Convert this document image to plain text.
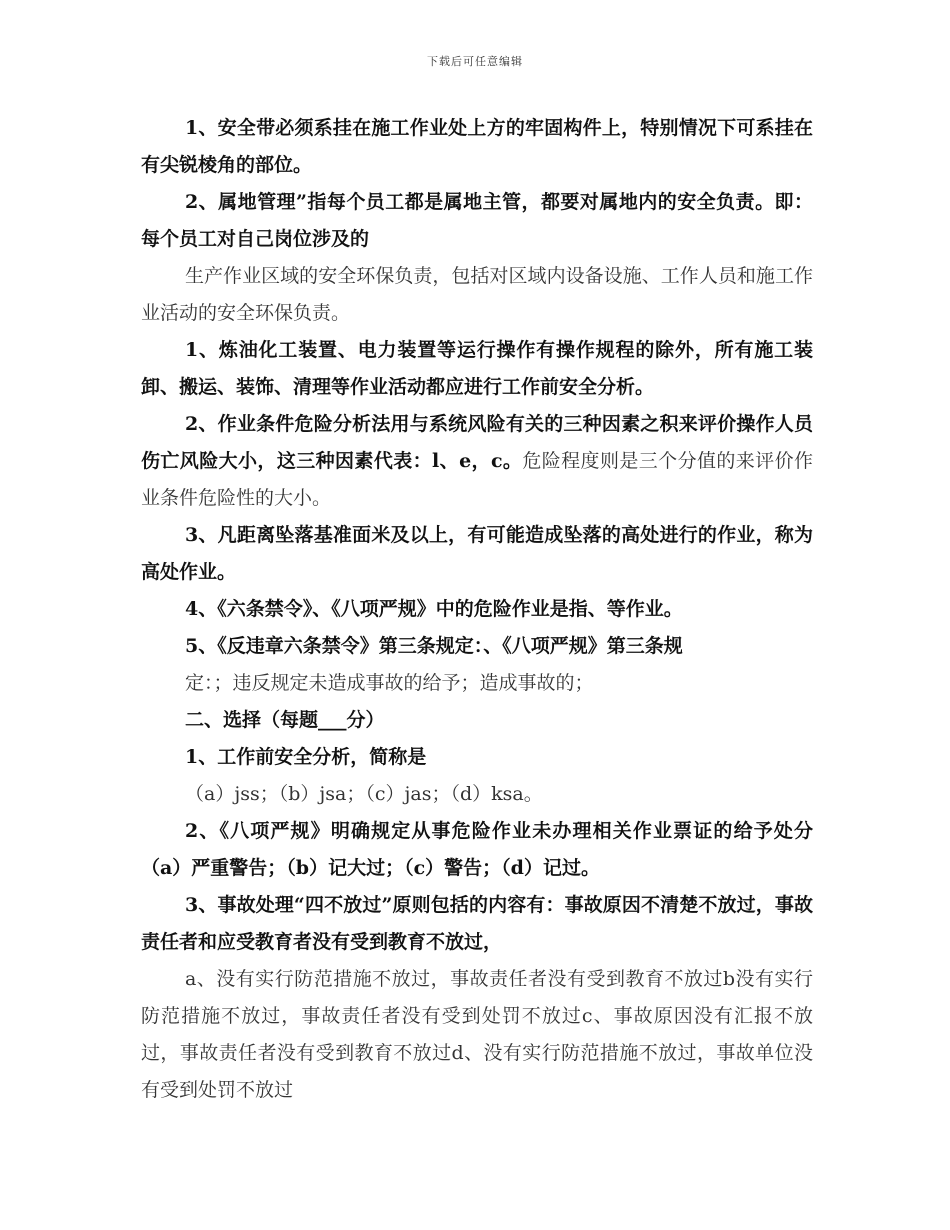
下载后可任意编辑

1、安全带必须系挂在施工作业处上方的牢固构件上，特别情况下可系挂在有尖锐棱角的部位。

2、属地管理”指每个员工都是属地主管，都要对属地内的安全负责。即：每个员工对自己岗位涉及的

生产作业区域的安全环保负责，包括对区域内设备设施、工作人员和施工作业活动的安全环保负责。

1、炼油化工装置、电力装置等运行操作有操作规程的除外，所有施工装卸、搬运、装饰、清理等作业活动都应进行工作前安全分析。

2、作业条件危险分析法用与系统风险有关的三种因素之积来评价操作人员伤亡风险大小，这三种因素代表：l、e，c。危险程度则是三个分值的来评价作业条件危险性的大小。

3、凡距离坠落基准面米及以上，有可能造成坠落的高处进行的作业，称为高处作业。

4、《六条禁令》、《八项严规》中的危险作业是指、等作业。

5、《反违章六条禁令》第三条规定：、《八项严规》第三条规

定：；违反规定未造成事故的给予；造成事故的；

二、选择（每题___分）

1、工作前安全分析，简称是

（a）jss；（b）jsa；（c）jas；（d）ksa。

2、《八项严规》明确规定从事危险作业未办理相关作业票证的给予处分（a）严重警告；（b）记大过；（c）警告；（d）记过。

3、事故处理“四不放过”原则包括的内容有：事故原因不清楚不放过，事故责任者和应受教育者没有受到教育不放过，

a、没有实行防范措施不放过，事故责任者没有受到教育不放过b没有实行防范措施不放过，事故责任者没有受到处罚不放过c、事故原因没有汇报不放过，事故责任者没有受到教育不放过d、没有实行防范措施不放过，事故单位没有受到处罚不放过
